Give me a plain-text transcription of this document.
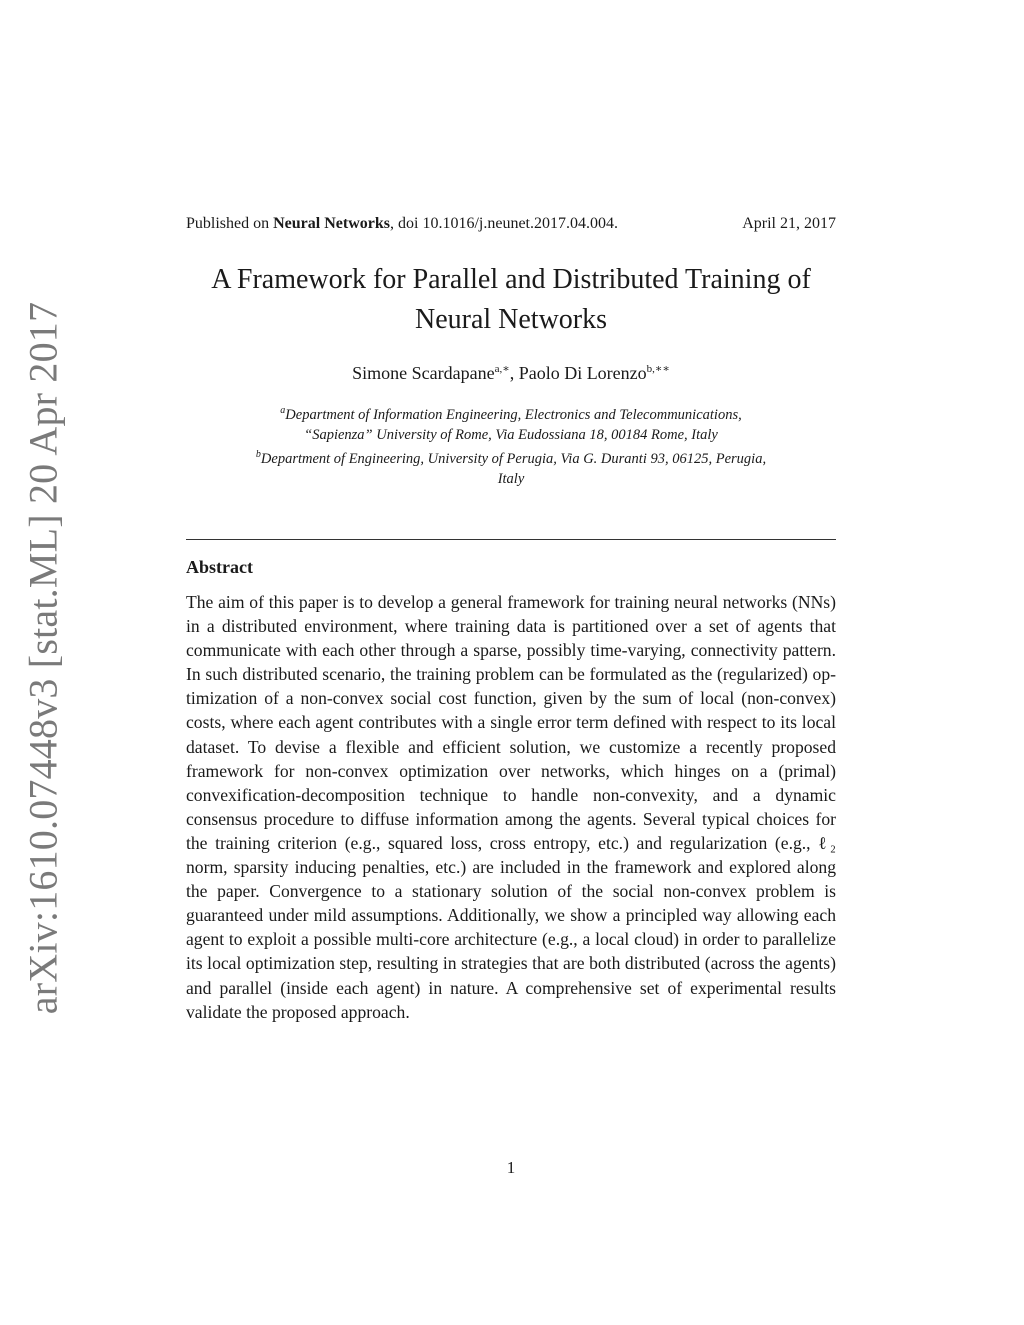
arXiv:1610.07448v3 [stat.ML] 20 Apr 2017
Published on Neural Networks, doi 10.1016/j.neunet.2017.04.004.	April 21, 2017
A Framework for Parallel and Distributed Training of
Neural Networks
Simone Scardapane$^{a,∗}$, Paolo Di Lorenzo$^{b,∗∗}$
$^a$Department of Information Engineering, Electronics and Telecommunications,
“Sapienza” University of Rome, Via Eudossiana 18, 00184 Rome, Italy
$^b$Department of Engineering, University of Perugia, Via G. Duranti 93, 06125, Perugia,
Italy
Abstract
The aim of this paper is to develop a general framework for training neural networks (NNs) in a distributed environment, where training data is partitioned over a set of agents that communicate with each other through a sparse, possibly time-varying, connectivity pattern. In such distributed scenario, the training problem can be formulated as the (regularized) optimization of a non-convex social cost function, given by the sum of local (non-convex) costs, where each agent contributes with a single error term defined with respect to its local dataset. To devise a flexible and efficient solution, we customize a recently proposed framework for non-convex optimization over networks, which hinges on a (primal) convexification-decomposition technique to handle non-convexity, and a dynamic consensus procedure to diffuse information among the agents. Several typical choices for the training criterion (e.g., squared loss, cross entropy, etc.) and regularization (e.g., ℓ₂ norm, sparsity inducing penalties, etc.) are included in the framework and explored along the paper. Convergence to a stationary solution of the social non-convex problem is guaranteed under mild assumptions. Additionally, we show a principled way allowing each agent to exploit a possible multi-core architecture (e.g., a local cloud) in order to parallelize its local optimization step, resulting in strategies that are both distributed (across the agents) and parallel (inside each agent) in nature. A comprehensive set of experimental results validate the proposed approach.
1
